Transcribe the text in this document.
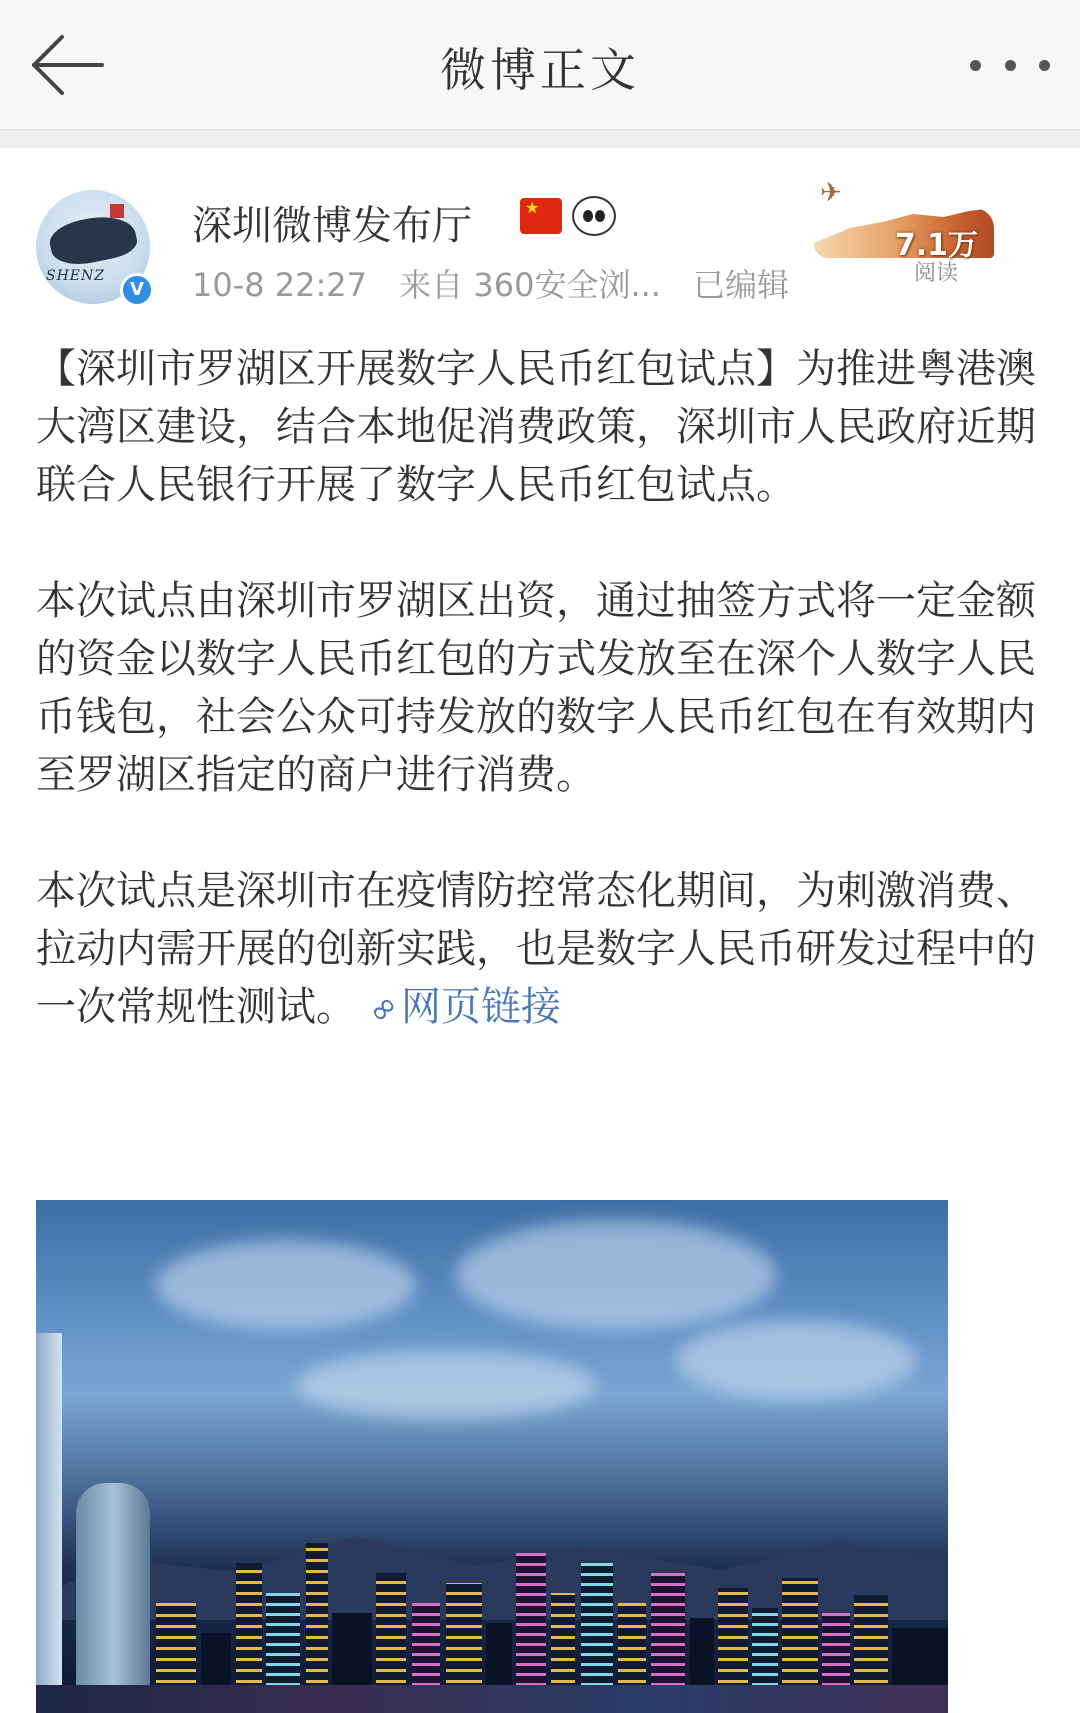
微博正文
SHENZ
V
深圳微博发布厅
★
10-8 22:27 来自 360安全浏... 已编辑
✈
7.1万
阅读

【深圳市罗湖区开展数字人民币红包试点】为推进粤港澳大湾区建设，结合本地促消费政策，深圳市人民政府近期联合人民银行开展了数字人民币红包试点。

本次试点由深圳市罗湖区出资，通过抽签方式将一定金额的资金以数字人民币红包的方式发放至在深个人数字人民币钱包，社会公众可持发放的数字人民币红包在有效期内至罗湖区指定的商户进行消费。

本次试点是深圳市在疫情防控常态化期间，为刺激消费、拉动内需开展的创新实践，也是数字人民币研发过程中的一次常规性测试。 ∞网页链接
